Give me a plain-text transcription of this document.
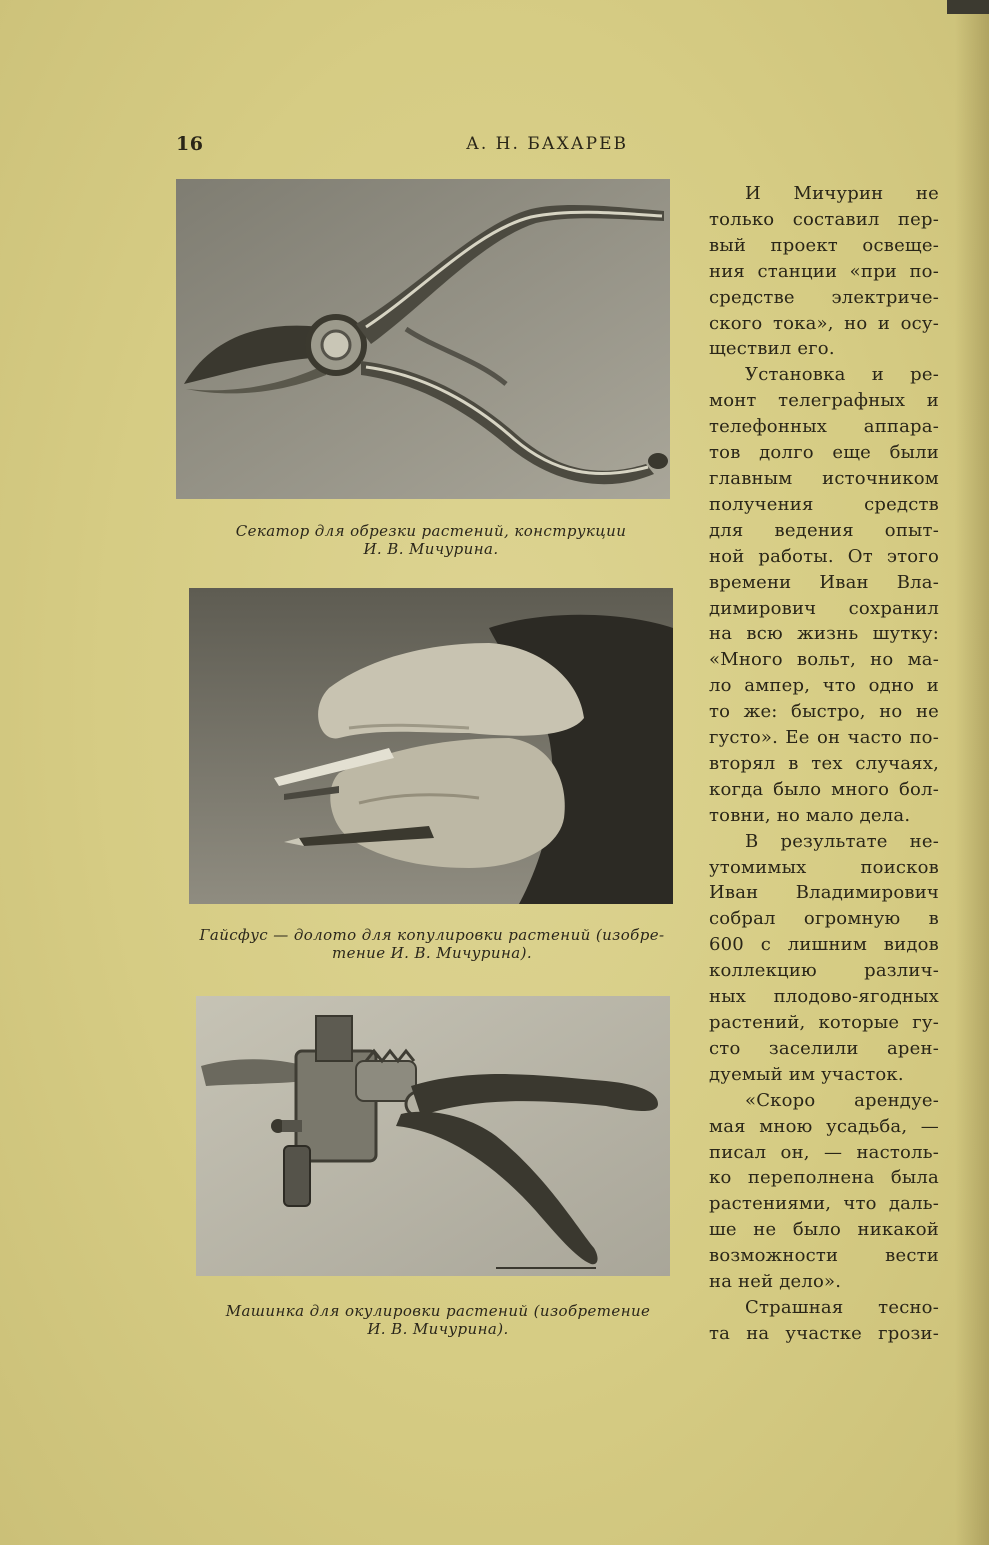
16	А. Н. БАХАРЕВ
Секатор для обрезки растений, конструкции
И. В. Мичурина.
Гайсфус — долото для копулировки растений (изобре-
тение И. В. Мичурина).
Машинка для окулировки растений (изобретение
И. В. Мичурина).
И Мичурин не
только составил пер-
вый проект освеще-
ния станции «при по-
средстве электриче-
ского тока», но и осу-
ществил его.
Установка и ре-
монт телеграфных и
телефонных аппара-
тов долго еще были
главным источником
получения средств
для ведения опыт-
ной работы. От этого
времени Иван Вла-
димирович сохранил
на всю жизнь шутку:
«Много вольт, но ма-
ло ампер, что одно и
то же: быстро, но не
густо». Ее он часто по-
вторял в тех случаях,
когда было много бол-
товни, но мало дела.
В результате не-
утомимых поисков
Иван Владимирович
собрал огромную в
600 с лишним видов
коллекцию различ-
ных плодово-ягодных
растений, которые гу-
сто заселили арен-
дуемый им участок.
«Скоро арендуе-
мая мною усадьба, —
писал он, — настоль-
ко переполнена была
растениями, что даль-
ше не было никакой
возможности вести
на ней дело».
Страшная тесно-
та на участке грози-
